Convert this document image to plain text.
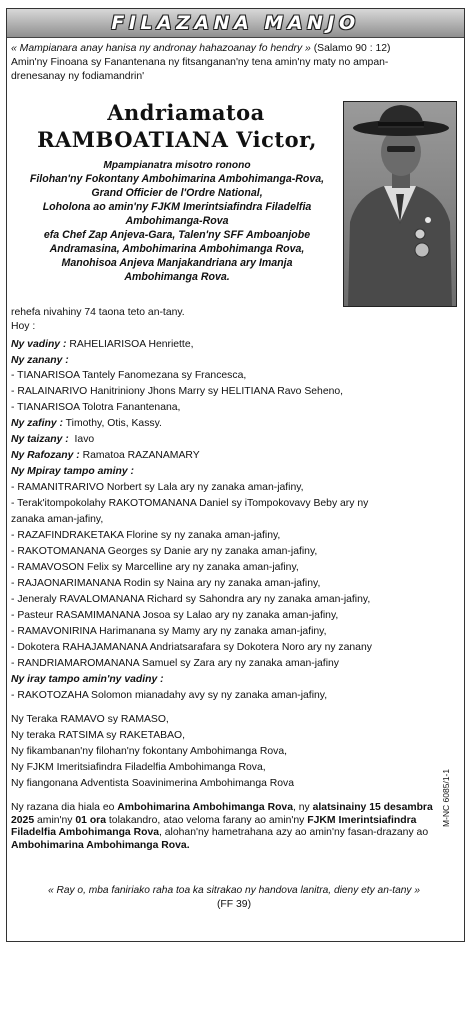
FILAZANA MANJO
« Mampianara anay hanisa ny andronay hahazoanay fo hendry » (Salamo 90 : 12)
Amin'ny Finoana sy Fanantenana ny fitsanganan'ny tena amin'ny maty no ampan-
drenesanay ny fodiamandrin'
Andriamatoa
RAMBOATIANA Victor,
Mpampianatra misotro ronono
Filohan'ny Fokontany Ambohimarina Ambohimanga-Rova,
Grand Officier de l'Ordre National,
Loholona ao amin'ny FJKM Imerintsiafindra Filadelfia
Ambohimanga-Rova
efa Chef Zap Anjeva-Gara, Talen'ny SFF Amboanjobe
Andramasina, Ambohimarina Ambohimanga Rova,
Manohisoa Anjeva Manjakandriana ary Imanja
Ambohimanga Rova.
rehefa nivahiny 74 taona teto an-tany.
Hoy :
Ny vadiny : RAHELIARISOA Henriette,
Ny zanany :
- TIANARISOA Tantely Fanomezana sy Francesca,
- RALAINARIVO Hanitriniony Jhons Marry sy HELITIANA Ravo Seheno,
- TIANARISOA Tolotra Fanantenana,
Ny zafiny : Timothy, Otis, Kassy.
Ny taizany : Iavo
Ny Rafozany : Ramatoa RAZANAMARY
Ny Mpiray tampo aminy :
- RAMANITRARIVO Norbert sy Lala ary ny zanaka aman-jafiny,
- Terak'itompokolahy RAKOTOMANANA Daniel sy iTompokovavy Beby ary ny
zanaka aman-jafiny,
- RAZAFINDRAKETAKA Florine sy ny zanaka aman-jafiny,
- RAKOTOMANANA Georges sy Danie ary ny zanaka aman-jafiny,
- RAMAVOSON Felix sy Marcelline ary ny zanaka aman-jafiny,
- RAJAONARIMANANA Rodin sy Naina ary ny zanaka aman-jafiny,
- Jeneraly RAVALOMANANA Richard sy Sahondra ary ny zanaka aman-jafiny,
- Pasteur RASAMIMANANA Josoa sy Lalao ary ny zanaka aman-jafiny,
- RAMAVONIRINA Harimanana sy Mamy ary ny zanaka aman-jafiny,
- Dokotera RAHAJAMANANA Andriatsarafara sy Dokotera Noro ary ny zanany
- RANDRIAMAROMANANA Samuel sy Zara ary ny zanaka aman-jafiny
Ny iray tampo amin'ny vadiny :
- RAKOTOZAHA Solomon mianadahy avy sy ny zanaka aman-jafiny,
Ny Teraka RAMAVO sy RAMASO,
Ny teraka RATSIMA sy RAKETABAO,
Ny fikambanan'ny filohan'ny fokontany Ambohimanga Rova,
Ny FJKM Imeritsiafindra Filadelfia Ambohimanga Rova,
Ny fiangonana Adventista Soavinimerina Ambohimanga Rova
Ny razana dia hiala eo Ambohimarina Ambohimanga Rova, ny alatsinainy 15 desambra 2025 amin'ny 01 ora tolakandro, atao veloma farany ao amin'ny FJKM Imerintsiafindra Filadelfia Ambohimanga Rova, alohan'ny hametrahana azy ao amin'ny fasan-drazany ao Ambohimarina Ambohimanga Rova.
« Ray o, mba faniriako raha toa ka sitrakao ny handova lanitra, dieny ety an-tany »
(FF 39)
M-NC 6085/1-1
